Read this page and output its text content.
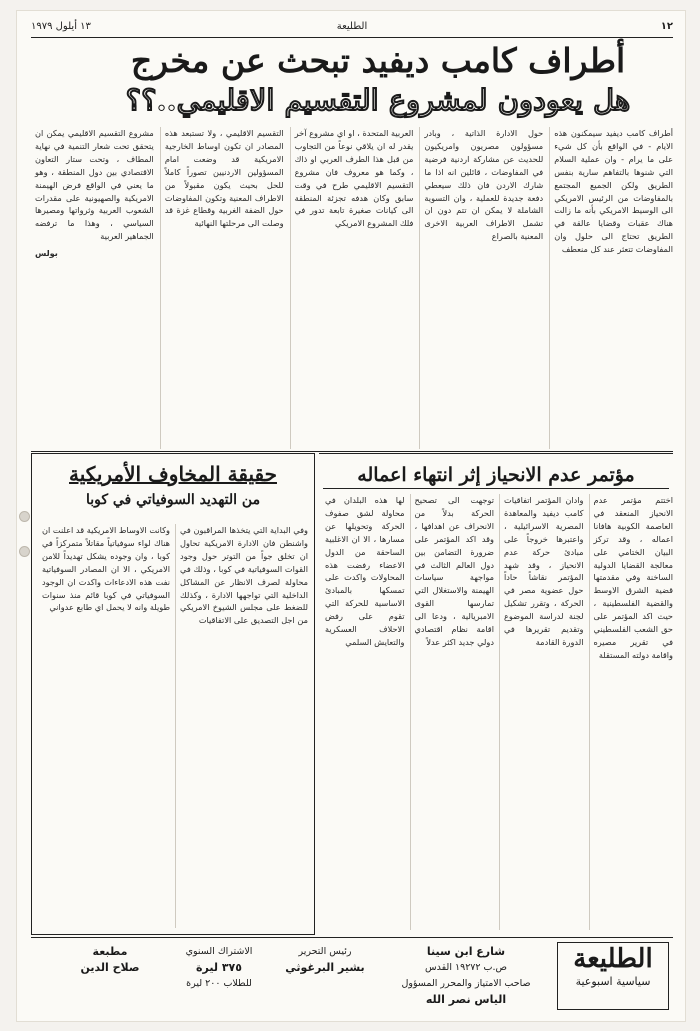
١٢
الطليعة
١٣ أيلول ١٩٧٩
أطراف كامب ديفيد تبحث عن مخرج
هل يعودون لمشروع التقسيم الاقليمي..؟؟
أطراف كامب ديفيد سيمكنون هذه الايام - في الواقع بأن كل شيء على ما يرام - وان عملية السلام التي شنوها بالتفاهم سارية بنفس الطريق ولكن الجميع المجتمع بالمفاوضات من الرئيس الامريكي الى الوسيط الامريكي بأنه ما زالت هناك عقبات وقضايا عالقة في الطريق تحتاج الى حلول وان المفاوضات تتعثر عند كل منعطف
حول الادارة الذاتية ، وبادر مسؤولون مصريون وامريكيون للحديث عن مشاركة اردنية فرضية في المفاوضات ، قائلين انه اذا ما شارك الاردن فان ذلك سيعطي دفعة جديدة للعملية ، وان التسوية الشاملة لا يمكن ان تتم دون ان تشمل الاطراف العربية الاخرى المعنية بالصراع
العربية المتحدة ، او اي مشروع آخر يقدر له ان يلاقي نوعاً من التجاوب من قبل هذا الطرف العربي او ذاك ، وكما هو معروف فان مشروع التقسيم الاقليمي طرح في وقت سابق وكان هدفه تجزئة المنطقة الى كيانات صغيرة تابعة تدور في فلك المشروع الامريكي
التقسيم الاقليمي ، ولا تستبعد هذه المصادر ان تكون اوساط الخارجية الامريكية قد وضعت امام المسؤولين الاردنيين تصوراً كاملاً للحل بحيث يكون مقبولاً من الاطراف المعنية وتكون المفاوضات حول الضفة الغربية وقطاع غزة قد وصلت الى مرحلتها النهائية
مشروع التقسيم الاقليمي يمكن ان يتحقق تحت شعار التنمية في نهاية المطاف ، وتحت ستار التعاون الاقتصادي بين دول المنطقة ، وهو ما يعني في الواقع فرض الهيمنة الامريكية والصهيونية على مقدرات الشعوب العربية وثرواتها ومصيرها السياسي ، وهذا ما ترفضه الجماهير العربية
بولس
مؤتمر عدم الانحياز إثر انتهاء اعماله
اختتم مؤتمر عدم الانحياز المنعقد في العاصمة الكوبية هافانا اعماله ، وقد تركز البيان الختامي على معالجة القضايا الدولية الساخنة وفي مقدمتها قضية الشرق الاوسط والقضية الفلسطينية ، حيث اكد المؤتمر على حق الشعب الفلسطيني في تقرير مصيره واقامة دولته المستقلة
وادان المؤتمر اتفاقيات كامب ديفيد والمعاهدة المصرية الاسرائيلية ، واعتبرها خروجاً على مبادئ حركة عدم الانحياز ، وقد شهد المؤتمر نقاشاً حاداً حول عضوية مصر في الحركة ، وتقرر تشكيل لجنة لدراسة الموضوع وتقديم تقريرها في الدورة القادمة
توجهت الى تصحيح الحركة بدلاً من الانحراف عن اهدافها ، وقد اكد المؤتمر على ضرورة التضامن بين دول العالم الثالث في مواجهة سياسات الهيمنة والاستغلال التي تمارسها القوى الامبريالية ، ودعا الى اقامة نظام اقتصادي دولي جديد اكثر عدلاً
لها هذه البلدان في محاولة لشق صفوف الحركة وتحويلها عن مسارها ، الا ان الاغلبية الساحقة من الدول الاعضاء رفضت هذه المحاولات واكدت على تمسكها بالمبادئ الاساسية للحركة التي تقوم على رفض الاحلاف العسكرية والتعايش السلمي
حقيقة المخاوف الأمريكية
من التهديد السوفياتي في كوبا
وفي البداية التي يتخذها المراقبون في واشنطن فان الادارة الامريكية تحاول ان تخلق جواً من التوتر حول وجود القوات السوفياتية في كوبا ، وذلك في محاولة لصرف الانظار عن المشاكل الداخلية التي تواجهها الادارة ، وكذلك للضغط على مجلس الشيوخ الامريكي من اجل التصديق على الاتفاقيات
وكانت الاوساط الامريكية قد اعلنت ان هناك لواء سوفياتياً مقاتلاً متمركزاً في كوبا ، وان وجوده يشكل تهديداً للامن الامريكي ، الا ان المصادر السوفياتية نفت هذه الادعاءات واكدت ان الوجود السوفياتي في كوبا قائم منذ سنوات طويلة وانه لا يحمل اي طابع عدواني
الطليعة
سياسية اسبوعية
شارع ابن سينا
ص.ب ١٩٢٧٢ القدس
صاحب الامتياز والمحرر المسؤول
الياس نصر الله
رئيس التحرير
بشير البرغوثي
الاشتراك السنوي
٣٧٥ ليرة
للطلاب ٢٠٠ ليرة
مطبعة
صلاح الدين
